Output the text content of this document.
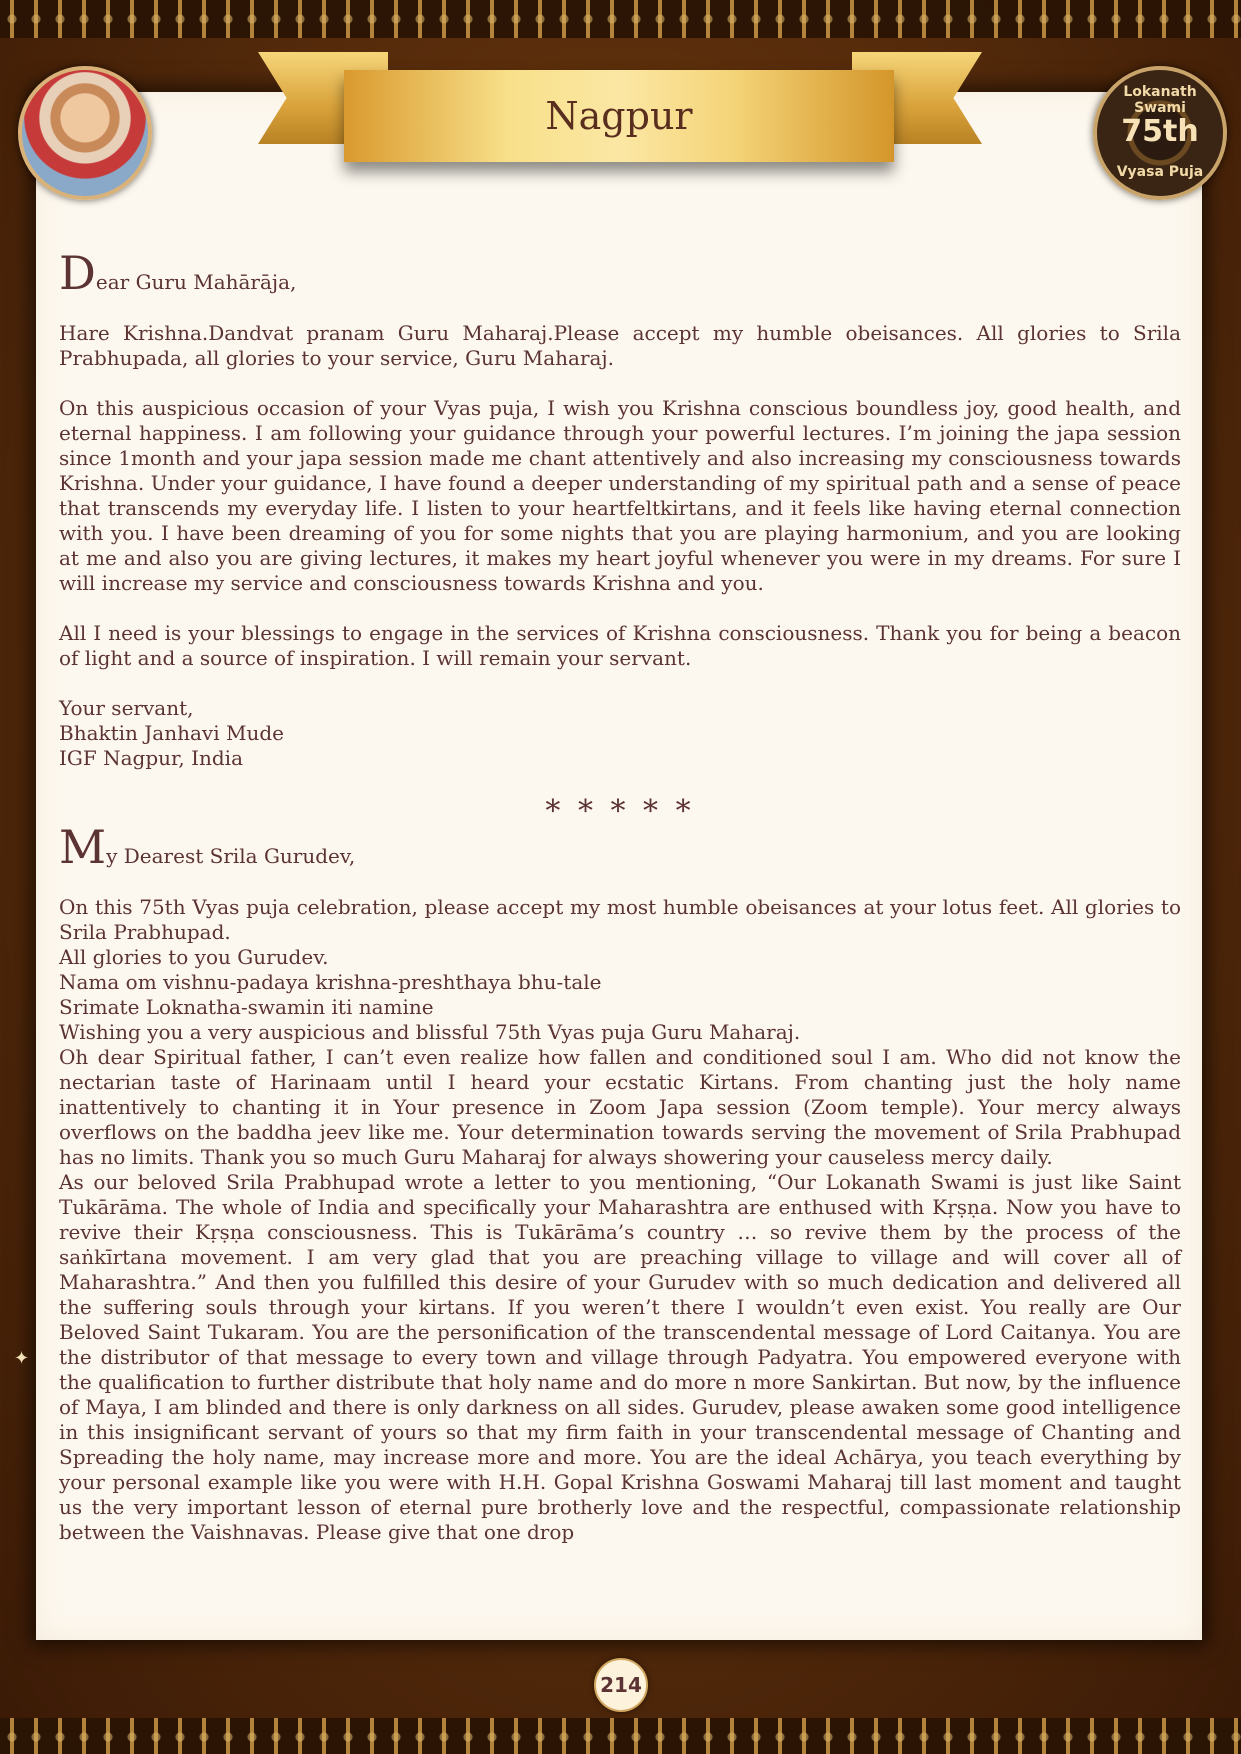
Lokanath Swami
75th
Vyasa Puja
Nagpur

Dear Guru Mahārāja,

Hare Krishna.Dandvat pranam Guru Maharaj.Please accept my humble obeisances. All glories to Srila Prabhupada, all glories to your service, Guru Maharaj.

On this auspicious occasion of your Vyas puja, I wish you Krishna conscious boundless joy, good health, and eternal happiness. I am following your guidance through your powerful lectures. I’m joining the japa session since 1month and your japa session made me chant attentively and also increasing my consciousness towards Krishna. Under your guidance, I have found a deeper understanding of my spiritual path and a sense of peace that transcends my everyday life. I listen to your heartfeltkirtans, and it feels like having eternal connection with you. I have been dreaming of you for some nights that you are playing harmonium, and you are looking at me and also you are giving lectures, it makes my heart joyful whenever you were in my dreams. For sure I will increase my service and consciousness towards Krishna and you.

All I need is your blessings to engage in the services of Krishna consciousness. Thank you for being a beacon of light and a source of inspiration. I will remain your servant.

Your servant,

Bhaktin Janhavi Mude

IGF Nagpur, India

* * * * *

My Dearest Srila Gurudev,

On this 75th Vyas puja celebration, please accept my most humble obeisances at your lotus feet. All glories to Srila Prabhupad.

All glories to you Gurudev.

Nama om vishnu-padaya krishna-preshthaya bhu-tale

Srimate Loknatha-swamin iti namine

Wishing you a very auspicious and blissful 75th Vyas puja Guru Maharaj.

Oh dear Spiritual father, I can’t even realize how fallen and conditioned soul I am. Who did not know the nectarian taste of Harinaam until I heard your ecstatic Kirtans. From chanting just the holy name inattentively to chanting it in Your presence in Zoom Japa session (Zoom temple). Your mercy always overflows on the baddha jeev like me. Your determination towards serving the movement of Srila Prabhupad has no limits. Thank you so much Guru Maharaj for always showering your causeless mercy daily.

As our beloved Srila Prabhupad wrote a letter to you mentioning, “Our Lokanath Swami is just like Saint Tukārāma. The whole of India and specifically your Maharashtra are enthused with Kṛṣṇa. Now you have to revive their Kṛṣṇa consciousness. This is Tukārāma’s country … so revive them by the process of the saṅkīrtana movement. I am very glad that you are preaching village to village and will cover all of Maharashtra.” And then you fulfilled this desire of your Gurudev with so much dedication and delivered all the suffering souls through your kirtans. If you weren’t there I wouldn’t even exist. You really are Our Beloved Saint Tukaram. You are the personification of the transcendental message of Lord Caitanya. You are the distributor of that message to every town and village through Padyatra. You empowered everyone with the qualification to further distribute that holy name and do more n more Sankirtan. But now, by the influence of Maya, I am blinded and there is only darkness on all sides. Gurudev, please awaken some good intelligence in this insignificant servant of yours so that my firm faith in your transcendental message of Chanting and Spreading the holy name, may increase more and more. You are the ideal Achārya, you teach everything by your personal example like you were with H.H. Gopal Krishna Goswami Maharaj till last moment and taught us the very important lesson of eternal pure brotherly love and the respectful, compassionate relationship between the Vaishnavas. Please give that one drop

✦
214
